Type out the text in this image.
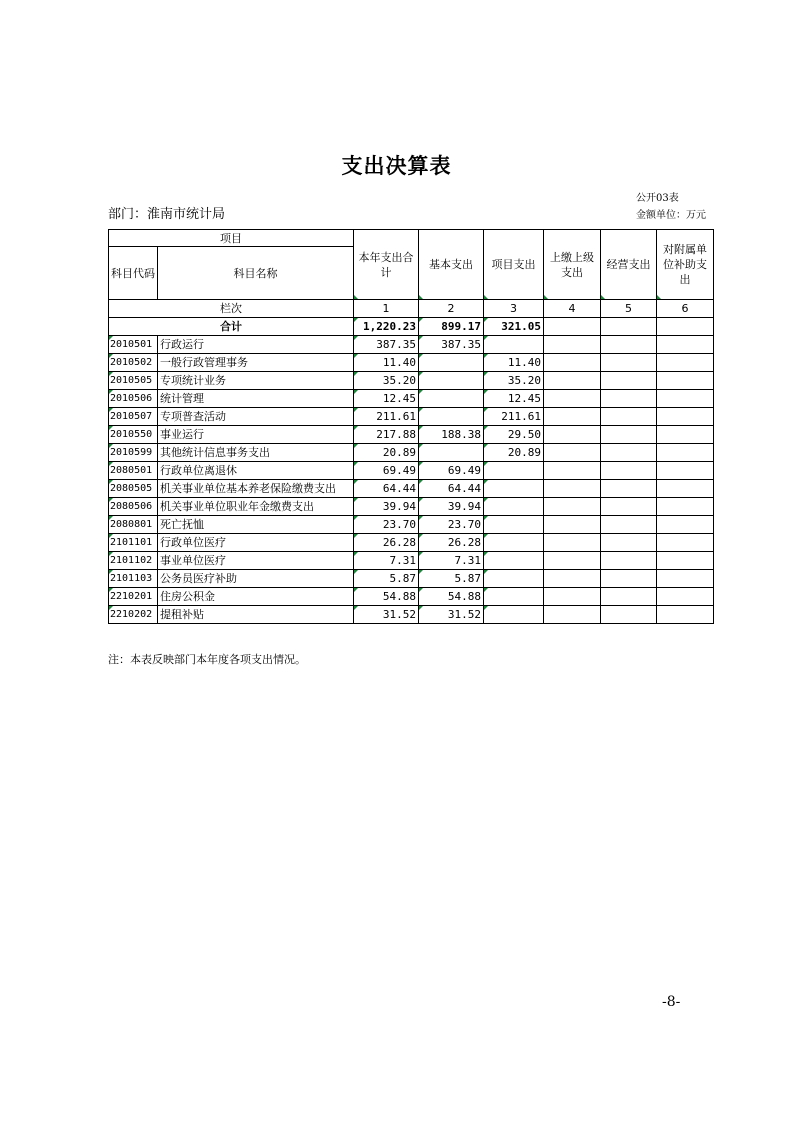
支出决算表
公开03表
部门：淮南市统计局	金额单位：万元
项目		本年支出合计	基本支出	项目支出	上缴上级支出	经营支出	对附属单位补助支出
科目代码	科目名称						

栏次		1	2	3	4	5	6
合计		1,220.23	899.17	321.05			
2010501	行政运行	387.35	387.35				
2010502	一般行政管理事务	11.40		11.40			
2010505	专项统计业务	35.20		35.20			
2010506	统计管理	12.45		12.45			
2010507	专项普查活动	211.61		211.61			
2010550	事业运行	217.88	188.38	29.50			
2010599	其他统计信息事务支出	20.89		20.89			
2080501	行政单位离退休	69.49	69.49				
2080505	机关事业单位基本养老保险缴费支出	64.44	64.44				
2080506	机关事业单位职业年金缴费支出	39.94	39.94				
2080801	死亡抚恤	23.70	23.70				
2101101	行政单位医疗	26.28	26.28				
2101102	事业单位医疗	7.31	7.31				
2101103	公务员医疗补助	5.87	5.87				
2210201	住房公积金	54.88	54.88				
2210202	提租补贴	31.52	31.52				
注：本表反映部门本年度各项支出情况。
-8-
